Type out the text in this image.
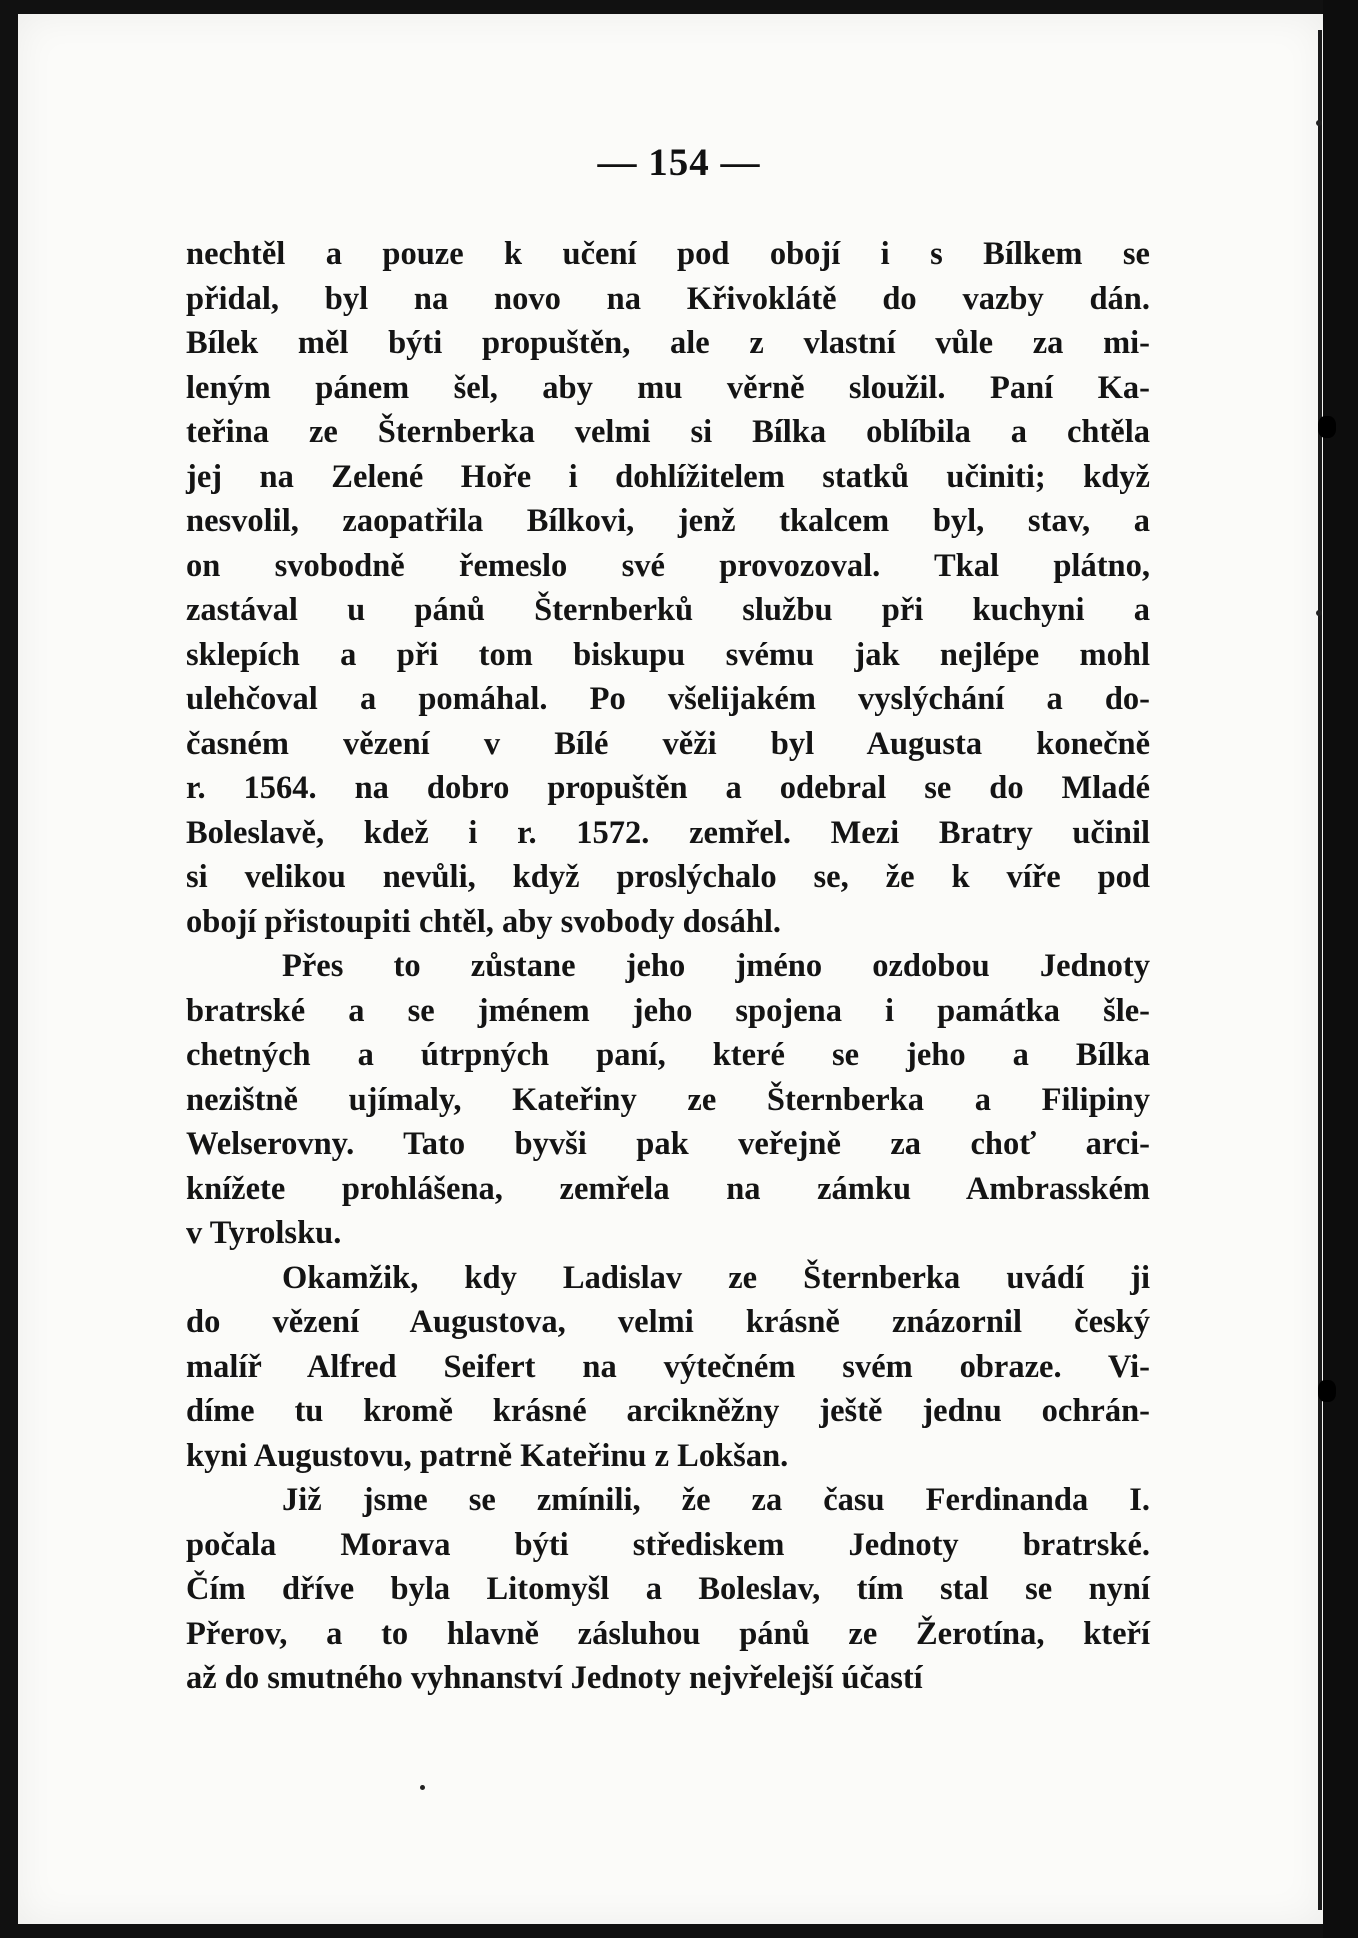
— 154 —
nechtěl a pouze k učení pod obojí i s Bílkem se
přidal, byl na novo na Křivoklátě do vazby dán.
Bílek měl býti propuštěn, ale z vlastní vůle za mi-
leným pánem šel, aby mu věrně sloužil. Paní Ka-
teřina ze Šternberka velmi si Bílka oblíbila a chtěla
jej na Zelené Hoře i dohlížitelem statků učiniti; když
nesvolil, zaopatřila Bílkovi, jenž tkalcem byl, stav, a
on svobodně řemeslo své provozoval. Tkal plátno,
zastával u pánů Šternberků službu při kuchyni a
sklepích a při tom biskupu svému jak nejlépe mohl
ulehčoval a pomáhal. Po všelijakém vyslýchání a do-
časném vězení v Bílé věži byl Augusta konečně
r. 1564. na dobro propuštěn a odebral se do Mladé
Boleslavě, kdež i r. 1572. zemřel. Mezi Bratry učinil
si velikou nevůli, když proslýchalo se, že k víře pod
obojí přistoupiti chtěl, aby svobody dosáhl.
Přes to zůstane jeho jméno ozdobou Jednoty
bratrské a se jménem jeho spojena i památka šle-
chetných a útrpných paní, které se jeho a Bílka
nezištně ujímaly, Kateřiny ze Šternberka a Filipiny
Welserovny. Tato byvši pak veřejně za choť arci-
knížete prohlášena, zemřela na zámku Ambrasském
v Tyrolsku.
Okamžik, kdy Ladislav ze Šternberka uvádí ji
do vězení Augustova, velmi krásně znázornil český
malíř Alfred Seifert na výtečném svém obraze. Vi-
díme tu kromě krásné arcikněžny ještě jednu ochrán-
kyni Augustovu, patrně Kateřinu z Lokšan.
Již jsme se zmínili, že za času Ferdinanda I.
počala Morava býti střediskem Jednoty bratrské.
Čím dříve byla Litomyšl a Boleslav, tím stal se nyní
Přerov, a to hlavně zásluhou pánů ze Žerotína, kteří
až do smutného vyhnanství Jednoty nejvřelejší účastí
